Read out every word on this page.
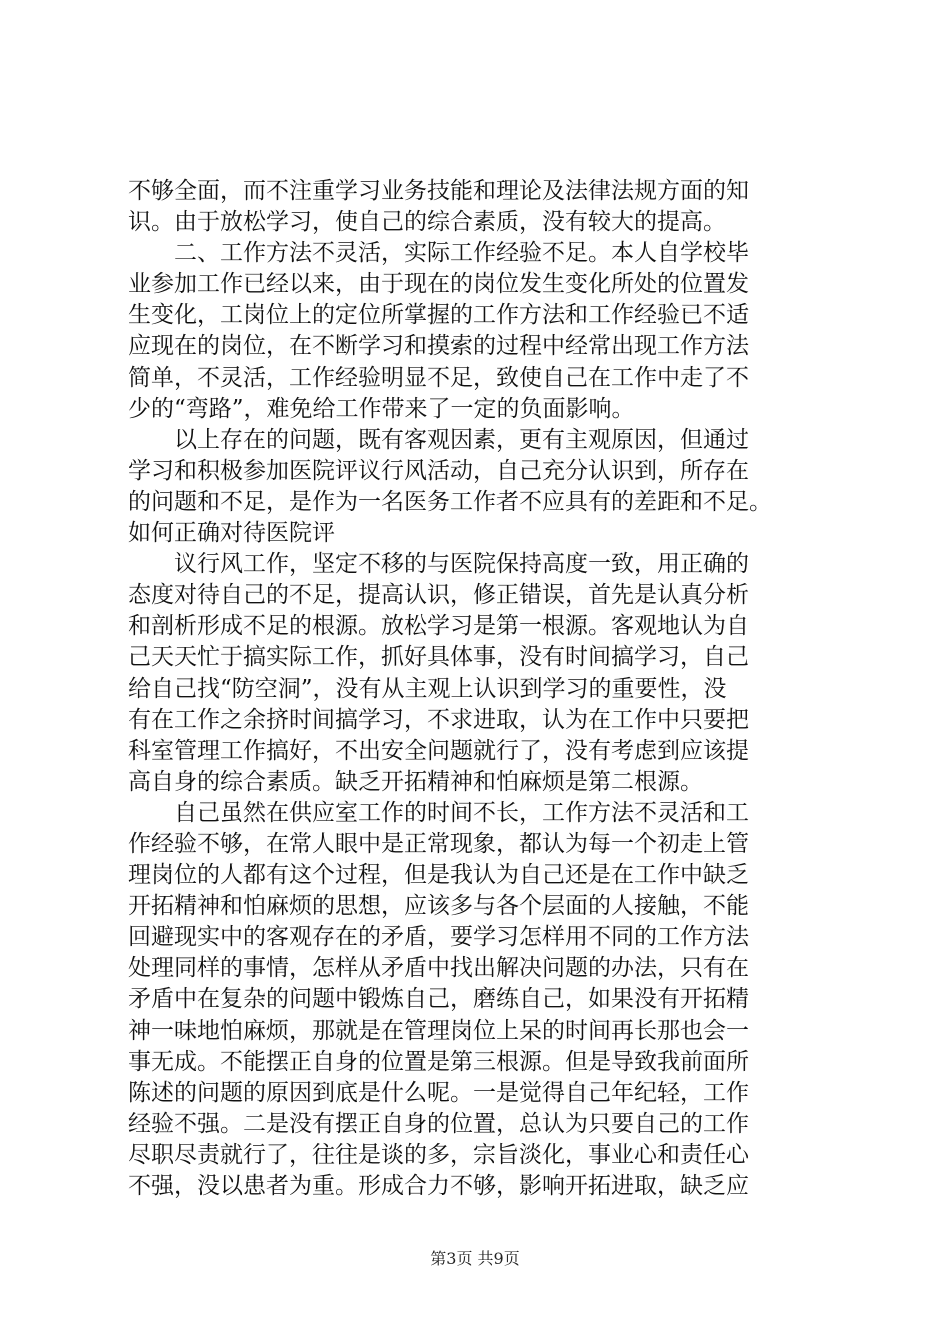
不够全面，而不注重学习业务技能和理论及法律法规方面的知
识。由于放松学习，使自己的综合素质，没有较大的提高。
　　二、工作方法不灵活，实际工作经验不足。本人自学校毕
业参加工作已经以来，由于现在的岗位发生变化所处的位置发
生变化，工岗位上的定位所掌握的工作方法和工作经验已不适
应现在的岗位，在不断学习和摸索的过程中经常出现工作方法
简单，不灵活，工作经验明显不足，致使自己在工作中走了不
少的“弯路”，难免给工作带来了一定的负面影响。
　　以上存在的问题，既有客观因素，更有主观原因，但通过
学习和积极参加医院评议行风活动，自己充分认识到，所存在
的问题和不足，是作为一名医务工作者不应具有的差距和不足。
如何正确对待医院评
　　议行风工作，坚定不移的与医院保持高度一致，用正确的
态度对待自己的不足，提高认识，修正错误，首先是认真分析
和剖析形成不足的根源。放松学习是第一根源。客观地认为自
己天天忙于搞实际工作，抓好具体事，没有时间搞学习，自己
给自己找“防空洞”，没有从主观上认识到学习的重要性，没
有在工作之余挤时间搞学习，不求进取，认为在工作中只要把
科室管理工作搞好，不出安全问题就行了，没有考虑到应该提
高自身的综合素质。缺乏开拓精神和怕麻烦是第二根源。
　　自己虽然在供应室工作的时间不长，工作方法不灵活和工
作经验不够，在常人眼中是正常现象，都认为每一个初走上管
理岗位的人都有这个过程，但是我认为自己还是在工作中缺乏
开拓精神和怕麻烦的思想，应该多与各个层面的人接触，不能
回避现实中的客观存在的矛盾，要学习怎样用不同的工作方法
处理同样的事情，怎样从矛盾中找出解决问题的办法，只有在
矛盾中在复杂的问题中锻炼自己，磨练自己，如果没有开拓精
神一味地怕麻烦，那就是在管理岗位上呆的时间再长那也会一
事无成。不能摆正自身的位置是第三根源。但是导致我前面所
陈述的问题的原因到底是什么呢。一是觉得自己年纪轻，工作
经验不强。二是没有摆正自身的位置，总认为只要自己的工作
尽职尽责就行了，往往是谈的多，宗旨淡化，事业心和责任心
不强，没以患者为重。形成合力不够，影响开拓进取，缺乏应
第3页 共9页
